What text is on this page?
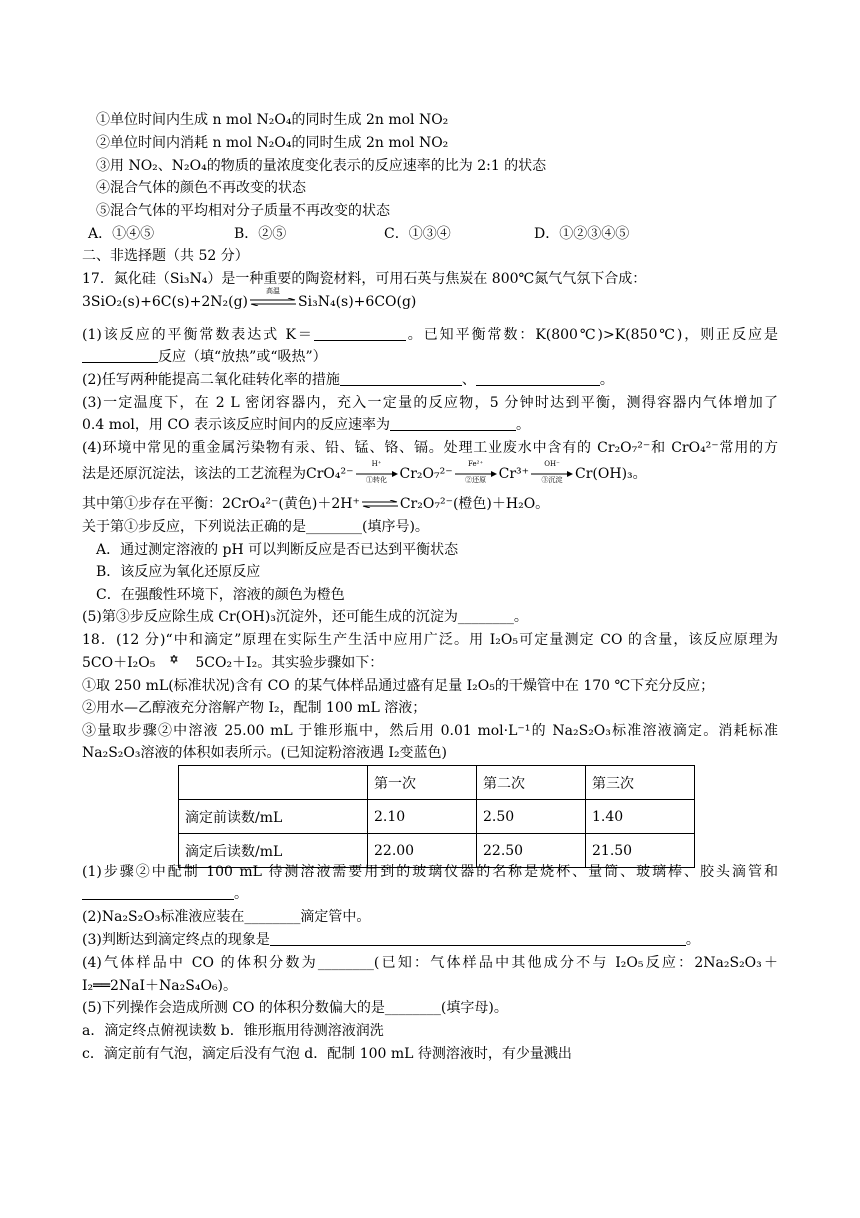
①单位时间内生成 n mol N₂O₄的同时生成 2n mol NO₂
②单位时间内消耗 n mol N₂O₄的同时生成 2n mol NO₂
③用 NO₂、N₂O₄的物质的量浓度变化表示的反应速率的比为 2:1 的状态
④混合气体的颜色不再改变的状态
⑤混合气体的平均相对分子质量不再改变的状态
A．①④⑤	B．②⑤	C．①③④	D．①②③④⑤
二、非选择题（共 52 分）
17．氮化硅（Si₃N₄）是一种重要的陶瓷材料，可用石英与焦炭在 800℃氮气气氛下合成：
3SiO₂(s)+6C(s)+2N₂(g)
高温
Si₃N₄(s)+6CO(g)
(1)该反应的平衡常数表达式 K＝	。已知平衡常数：K(800℃)>K(850℃)，则正反应是
反应（填“放热”或“吸热”）
(2)任写两种能提高二氧化硅转化率的措施	、	。
(3)一定温度下，在 2 L 密闭容器内，充入一定量的反应物，5 分钟时达到平衡，测得容器内气体增加了
0.4 mol，用 CO 表示该反应时间内的反应速率为	。
(4)环境中常见的重金属污染物有汞、铅、锰、铬、镉。处理工业废水中含有的 Cr₂O₇²⁻和 CrO₄²⁻常用的方
法是还原沉淀法，该法的工艺流程为CrO₄²⁻
H⁺
①转化 Cr₂O₇²⁻
Fe²⁺
②还原 Cr³⁺
OH⁻
③沉淀 Cr(OH)₃。
其中第①步存在平衡：2CrO₄²⁻(黄色)＋2H⁺ ⇌ Cr₂O₇²⁻(橙色)＋H₂O。
关于第①步反应，下列说法正确的是________(填序号)。
A．通过测定溶液的 pH 可以判断反应是否已达到平衡状态
B．该反应为氧化还原反应
C．在强酸性环境下，溶液的颜色为橙色
(5)第③步反应除生成 Cr(OH)₃沉淀外，还可能生成的沉淀为________。
18．(12 分)“中和滴定”原理在实际生产生活中应用广泛。用 I₂O₅可定量测定 CO 的含量，该反应原理为
5CO＋I₂O₅	5CO₂＋I₂。其实验步骤如下：
①取 250 mL(标准状况)含有 CO 的某气体样品通过盛有足量 I₂O₅的干燥管中在 170 ℃下充分反应；
②用水—乙醇液充分溶解产物 I₂，配制 100 mL 溶液；
③量取步骤②中溶液 25.00 mL 于锥形瓶中，然后用 0.01 mol·L⁻¹的 Na₂S₂O₃标准溶液滴定。消耗标准
Na₂S₂O₃溶液的体积如表所示。(已知淀粉溶液遇 I₂变蓝色)
	第一次	第二次	第三次
滴定前读数/mL	2.10	2.50	1.40
滴定后读数/mL	22.00	22.50	21.50
(1)步骤②中配制 100 mL 待测溶液需要用到的玻璃仪器的名称是烧杯、量筒、玻璃棒、胶头滴管和
。
(2)Na₂S₂O₃标准液应装在________滴定管中。
(3)判断达到滴定终点的现象是	。
(4)气体样品中 CO 的体积分数为________(已知：气体样品中其他成分不与 I₂O₅反应：2Na₂S₂O₃＋
I₂══2NaI＋Na₂S₄O₆)。
(5)下列操作会造成所测 CO 的体积分数偏大的是________(填字母)。
a．滴定终点俯视读数 b．锥形瓶用待测溶液润洗
c．滴定前有气泡，滴定后没有气泡 d．配制 100 mL 待测溶液时，有少量溅出
